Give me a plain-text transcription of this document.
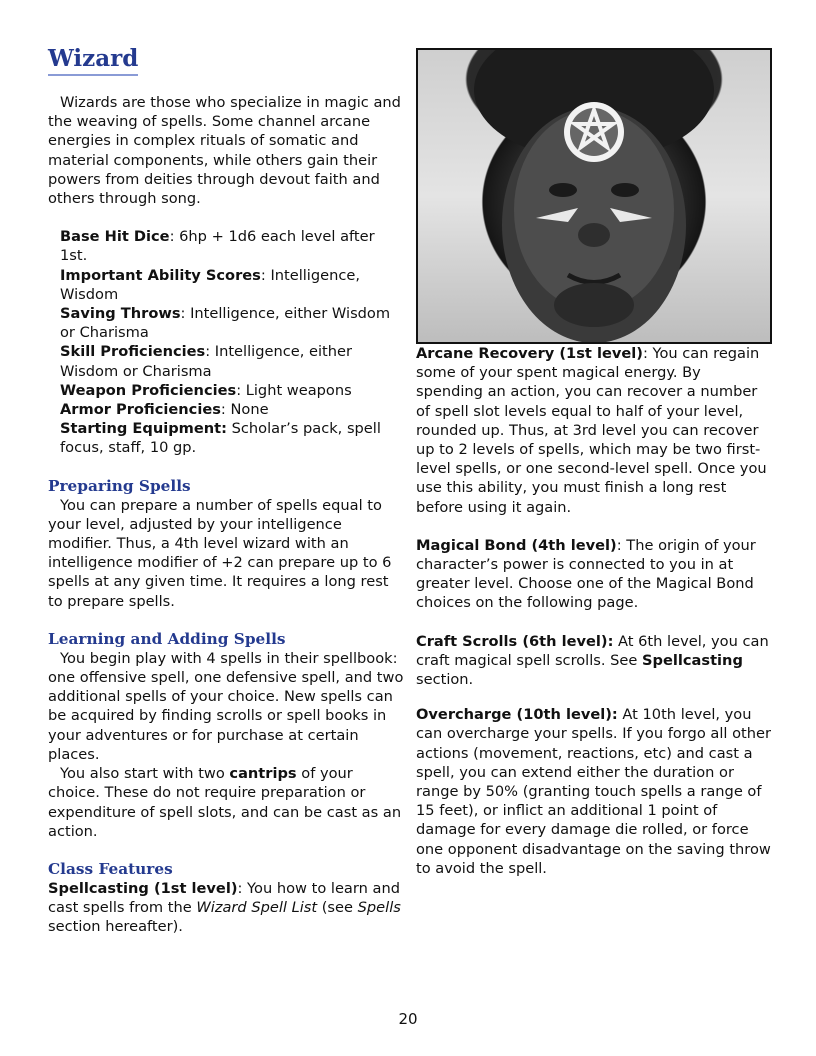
Wizard

Wizards are those who specialize in magic and the weaving of spells. Some channel arcane energies in complex rituals of somatic and material components, while others gain their powers from deities through devout faith and others through song.

Base Hit Dice: 6hp + 1d6 each level after 1st.
Important Ability Scores: Intelligence, Wisdom
Saving Throws: Intelligence, either Wisdom or Charisma
Skill Proficiencies: Intelligence, either Wisdom or Charisma
Weapon Proficiencies: Light weapons
Armor Proficiencies: None
Starting Equipment: Scholar’s pack, spell focus, staff, 10 gp.
Preparing Spells

You can prepare a number of spells equal to your level, adjusted by your intelligence modifier. Thus, a 4th level wizard with an intelligence modifier of +2 can prepare up to 6 spells at any given time. It requires a long rest to prepare spells.

Learning and Adding Spells

You begin play with 4 spells in their spellbook: one offensive spell, one defensive spell, and two additional spells of your choice. New spells can be acquired by finding scrolls or spell books in your adventures or for purchase at certain places.

You also start with two cantrips of your choice. These do not require preparation or expenditure of spell slots, and can be cast as an action.

Class Features

Spellcasting (1st level): You how to learn and cast spells from the Wizard Spell List (see Spells section hereafter).

Arcane Recovery (1st level): You can regain some of your spent magical energy. By spending an action, you can recover a number of spell slot levels equal to half of your level, rounded up. Thus, at 3rd level you can recover up to 2 levels of spells, which may be two first-level spells, or one second-level spell. Once you use this ability, you must finish a long rest before using it again.

Magical Bond (4th level): The origin of your character’s power is connected to you in at greater level. Choose one of the Magical Bond choices on the following page.

Craft Scrolls (6th level): At 6th level, you can craft magical spell scrolls. See Spellcasting section.

Overcharge (10th level): At 10th level, you can overcharge your spells. If you forgo all other actions (movement, reactions, etc) and cast a spell, you can extend either the duration or range by 50% (granting touch spells a range of 15 feet), or inflict an additional 1 point of damage for every damage die rolled, or force one opponent disadvantage on the saving throw to avoid the spell.

20
